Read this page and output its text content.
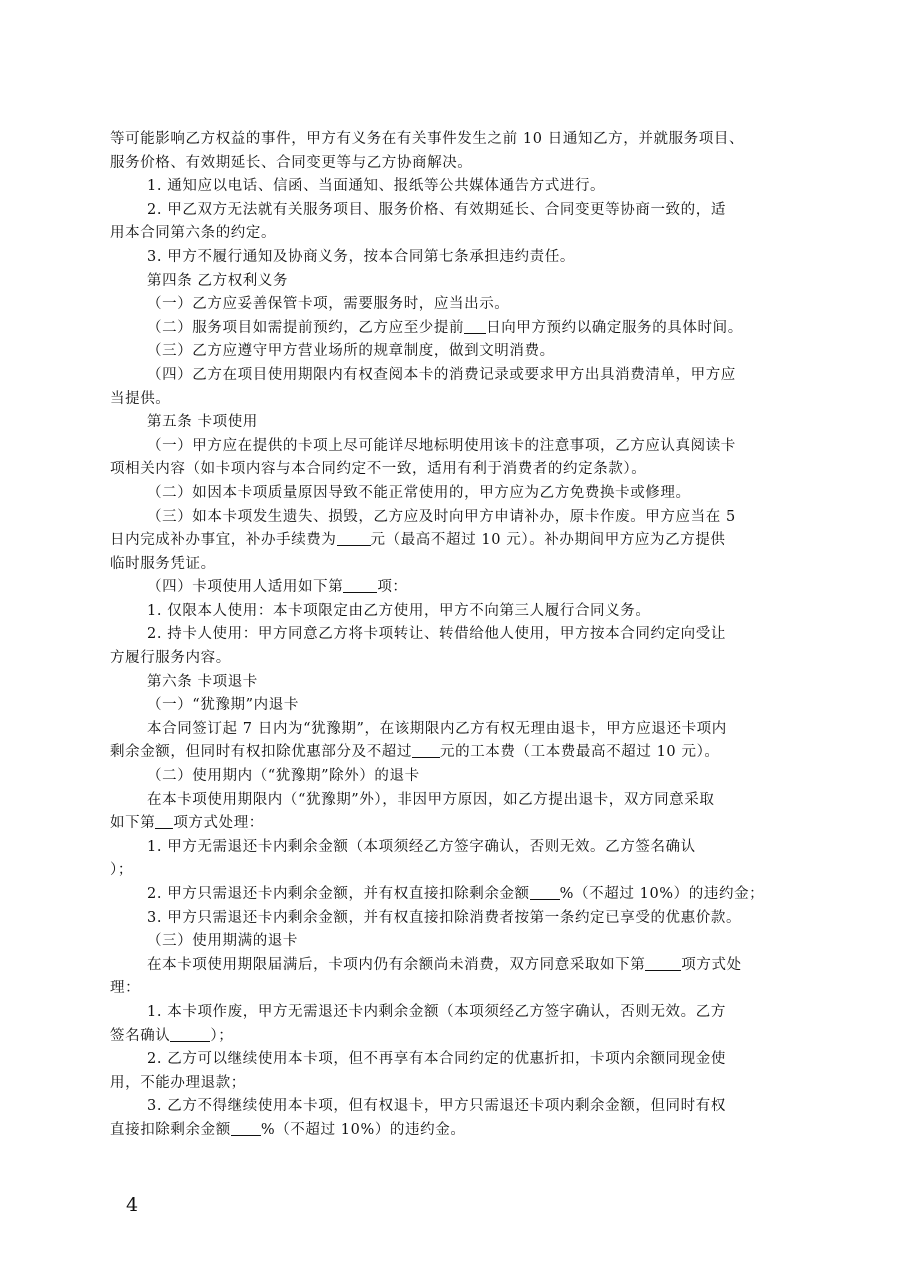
等可能影响乙方权益的事件，甲方有义务在有关事件发生之前 10 日通知乙方，并就服务项目、
服务价格、有效期延长、合同变更等与乙方协商解决。
1. 通知应以电话、信函、当面通知、报纸等公共媒体通告方式进行。
2. 甲乙双方无法就有关服务项目、服务价格、有效期延长、合同变更等协商一致的，适
用本合同第六条的约定。
3. 甲方不履行通知及协商义务，按本合同第七条承担违约责任。
第四条 乙方权利义务
（一）乙方应妥善保管卡项，需要服务时，应当出示。
（二）服务项目如需提前预约，乙方应至少提前 日向甲方预约以确定服务的具体时间。
（三）乙方应遵守甲方营业场所的规章制度，做到文明消费。
（四）乙方在项目使用期限内有权查阅本卡的消费记录或要求甲方出具消费清单，甲方应
当提供。
第五条 卡项使用
（一）甲方应在提供的卡项上尽可能详尽地标明使用该卡的注意事项，乙方应认真阅读卡
项相关内容（如卡项内容与本合同约定不一致，适用有利于消费者的约定条款）。
（二）如因本卡项质量原因导致不能正常使用的，甲方应为乙方免费换卡或修理。
（三）如本卡项发生遗失、损毁，乙方应及时向甲方申请补办，原卡作废。甲方应当在 5
日内完成补办事宜，补办手续费为 元（最高不超过 10 元）。补办期间甲方应为乙方提供
临时服务凭证。
（四）卡项使用人适用如下第 项：
1. 仅限本人使用：本卡项限定由乙方使用，甲方不向第三人履行合同义务。
2. 持卡人使用：甲方同意乙方将卡项转让、转借给他人使用，甲方按本合同约定向受让
方履行服务内容。
第六条 卡项退卡
（一）“犹豫期”内退卡
本合同签订起 7 日内为“犹豫期”，在该期限内乙方有权无理由退卡，甲方应退还卡项内
剩余金额，但同时有权扣除优惠部分及不超过 元的工本费（工本费最高不超过 10 元）。
（二）使用期内（“犹豫期”除外）的退卡
在本卡项使用期限内（“犹豫期”外），非因甲方原因，如乙方提出退卡，双方同意采取
如下第 项方式处理：
1. 甲方无需退还卡内剩余金额（本项须经乙方签字确认，否则无效。乙方签名确认
）；
2. 甲方只需退还卡内剩余金额，并有权直接扣除剩余金额 %（不超过 10%）的违约金；
3. 甲方只需退还卡内剩余金额，并有权直接扣除消费者按第一条约定已享受的优惠价款。
（三）使用期满的退卡
在本卡项使用期限届满后，卡项内仍有余额尚未消费，双方同意采取如下第 项方式处
理：
1. 本卡项作废，甲方无需退还卡内剩余金额（本项须经乙方签字确认，否则无效。乙方
签名确认	）；
2. 乙方可以继续使用本卡项，但不再享有本合同约定的优惠折扣，卡项内余额同现金使
用，不能办理退款；
3. 乙方不得继续使用本卡项，但有权退卡，甲方只需退还卡项内剩余金额，但同时有权
直接扣除剩余金额 %（不超过 10%）的违约金。
4
